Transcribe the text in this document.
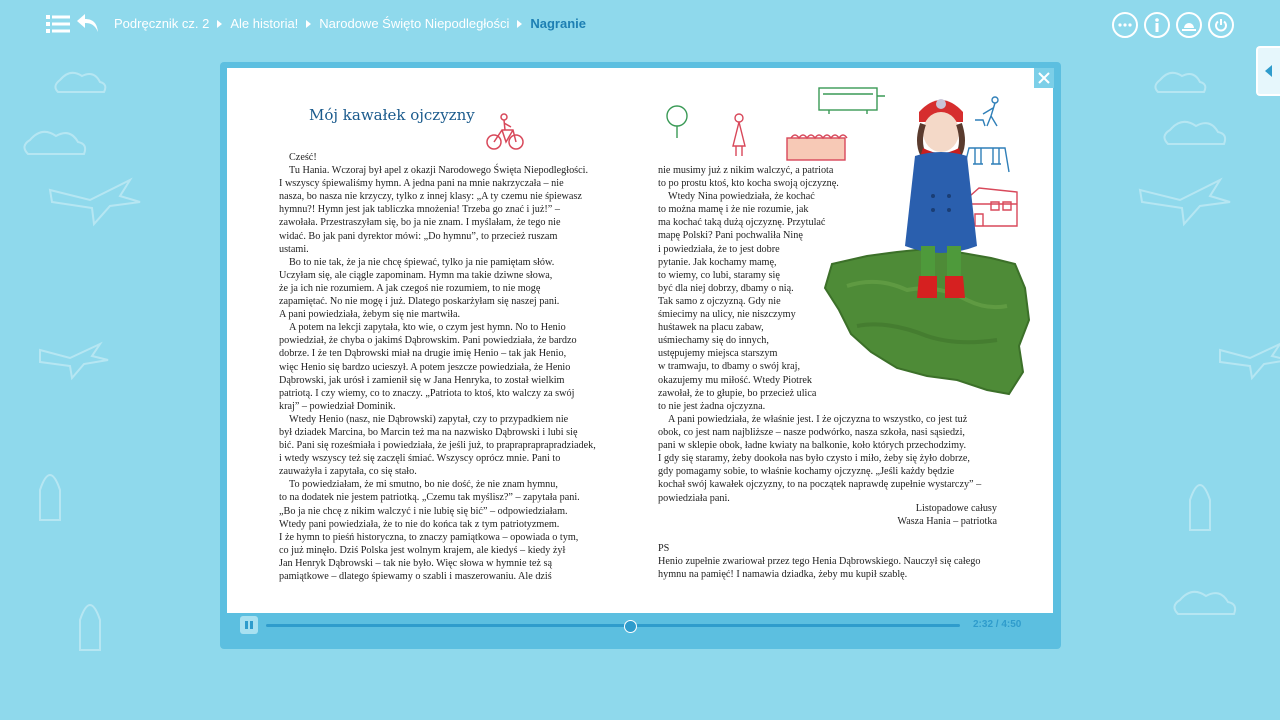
Podręcznik cz. 2 Ale historia! Narodowe Święto Niepodległości Nagranie
Mój kawałek ojczyzny

Cześć!

Tu Hania. Wczoraj był apel z okazji Narodowego Święta Niepodległości.

I wszyscy śpiewaliśmy hymn. A jedna pani na mnie nakrzyczała – nie

nasza, bo nasza nie krzyczy, tylko z innej klasy: „A ty czemu nie śpiewasz

hymnu?! Hymn jest jak tabliczka mnożenia! Trzeba go znać i już!” –

zawołała. Przestraszyłam się, bo ja nie znam. I myślałam, że tego nie

widać. Bo jak pani dyrektor mówi: „Do hymnu”, to przecież ruszam

ustami.

Bo to nie tak, że ja nie chcę śpiewać, tylko ja nie pamiętam słów.

Uczyłam się, ale ciągle zapominam. Hymn ma takie dziwne słowa,

że ja ich nie rozumiem. A jak czegoś nie rozumiem, to nie mogę

zapamiętać. No nie mogę i już. Dlatego poskarżyłam się naszej pani.

A pani powiedziała, żebym się nie martwiła.

A potem na lekcji zapytała, kto wie, o czym jest hymn. No to Henio

powiedział, że chyba o jakimś Dąbrowskim. Pani powiedziała, że bardzo

dobrze. I że ten Dąbrowski miał na drugie imię Henio – tak jak Henio,

więc Henio się bardzo ucieszył. A potem jeszcze powiedziała, że Henio

Dąbrowski, jak urósł i zamienił się w Jana Henryka, to został wielkim

patriotą. I czy wiemy, co to znaczy. „Patriota to ktoś, kto walczy za swój

kraj” – powiedział Dominik.

Wtedy Henio (nasz, nie Dąbrowski) zapytał, czy to przypadkiem nie

był dziadek Marcina, bo Marcin też ma na nazwisko Dąbrowski i lubi się

bić. Pani się roześmiała i powiedziała, że jeśli już, to praprapraprapradziadek,

i wtedy wszyscy też się zaczęli śmiać. Wszyscy oprócz mnie. Pani to

zauważyła i zapytała, co się stało.

To powiedziałam, że mi smutno, bo nie dość, że nie znam hymnu,

to na dodatek nie jestem patriotką. „Czemu tak myślisz?” – zapytała pani.

„Bo ja nie chcę z nikim walczyć i nie lubię się bić” – odpowiedziałam.

Wtedy pani powiedziała, że to nie do końca tak z tym patriotyzmem.

I że hymn to pieśń historyczna, to znaczy pamiątkowa – opowiada o tym,

co już minęło. Dziś Polska jest wolnym krajem, ale kiedyś – kiedy żył

Jan Henryk Dąbrowski – tak nie było. Więc słowa w hymnie też są

pamiątkowe – dlatego śpiewamy o szabli i maszerowaniu. Ale dziś

nie musimy już z nikim walczyć, a patriota

to po prostu ktoś, kto kocha swoją ojczyznę.

Wtedy Nina powiedziała, że kochać

to można mamę i że nie rozumie, jak

ma kochać taką dużą ojczyznę. Przytulać

mapę Polski? Pani pochwaliła Ninę

i powiedziała, że to jest dobre

pytanie. Jak kochamy mamę,

to wiemy, co lubi, staramy się

być dla niej dobrzy, dbamy o nią.

Tak samo z ojczyzną. Gdy nie

śmiecimy na ulicy, nie niszczymy

huśtawek na placu zabaw,

uśmiechamy się do innych,

ustępujemy miejsca starszym

w tramwaju, to dbamy o swój kraj,

okazujemy mu miłość. Wtedy Piotrek

zawołał, że to głupie, bo przecież ulica

to nie jest żadna ojczyzna.

A pani powiedziała, że właśnie jest. I że ojczyzna to wszystko, co jest tuż

obok, co jest nam najbliższe – nasze podwórko, nasza szkoła, nasi sąsiedzi,

pani w sklepie obok, ładne kwiaty na balkonie, koło których przechodzimy.

I gdy się staramy, żeby dookoła nas było czysto i miło, żeby się żyło dobrze,

gdy pomagamy sobie, to właśnie kochamy ojczyznę. „Jeśli każdy będzie

kochał swój kawałek ojczyzny, to na początek naprawdę zupełnie wystarczy” –

powiedziała pani.

Listopadowe całusy

Wasza Hania – patriotka

PS

Henio zupełnie zwariował przez tego Henia Dąbrowskiego. Nauczył się całego

hymnu na pamięć! I namawia dziadka, żeby mu kupił szablę.

2:32 / 4:50
